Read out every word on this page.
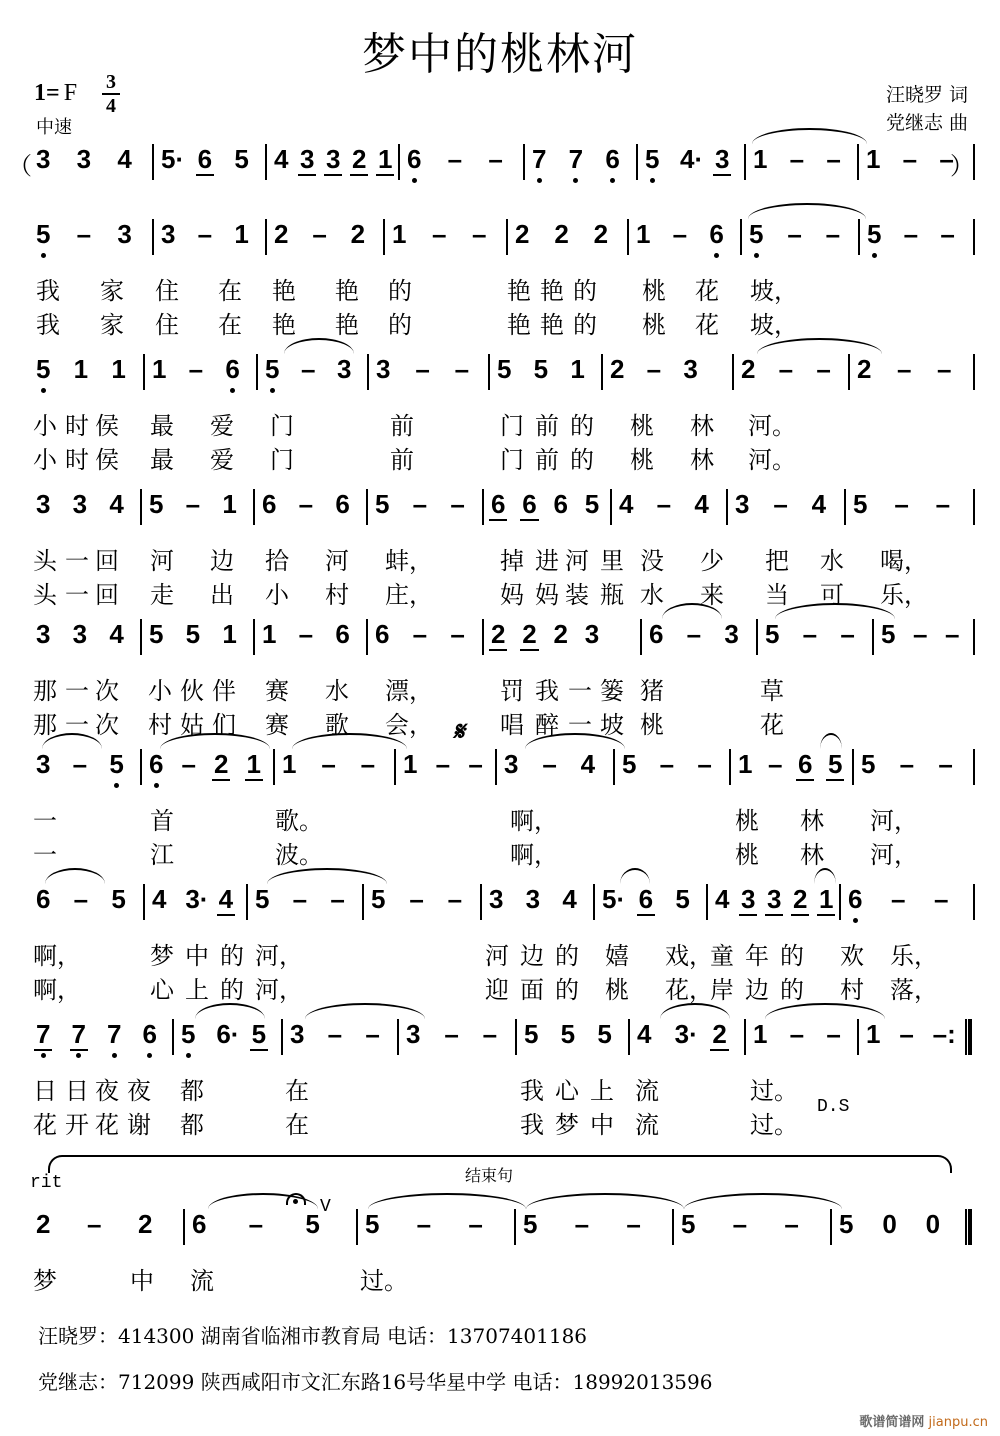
梦中的桃林河
1= F 3
4
中速
汪晓罗 词
党继志 曲
3 3 4 5· 6 5 4 3 3 2 1 6 – – 7 7 6 5 4· 3 1 – – 1 – –
（	）
5 – 3 3 – 1 2 – 2 1 – – 2 2 2 1 – 6 5 – – 5 – –
我 家 住 在 艳 艳 的	艳 艳 的 桃 花 坡，
我 家 住 在 艳 艳 的	艳 艳 的 桃 花 坡，
5 1 1 1 – 6 5 – 3 3 – – 5 5 1 2 – 3 2 – – 2 – –
小 时 侯 最 爱 门	前	门 前 的 桃 林 河。
小 时 侯 最 爱 门	前	门 前 的 桃 林 河。
3 3 4 5 – 1 6 – 6 5 – – 6 6 6 5 4 – 4 3 – 4 5 – –
头 一 回 河 边 拾 河 蚌，	掉 进 河 里 没 少 把 水 喝，
头 一 回 走 出 小 村 庄，	妈 妈 装 瓶 水 来 当 可 乐，
3 3 4 5 5 1 1 – 6 6 – – 2 2 2 3 6 – 3 5 – – 5 – –
那 一 次 小 伙 伴 赛 水 漂，	罚 我 一 篓 猪	草
那 一 次 村 姑 们 赛 歌 会，	唱 醉 一 坡 桃	花
3 – 5 6 – 2 1 1 – – 1 – – 3 – 4 5 – – 1 – 6 5 5 – –
𝄋
一	首	歌。	啊，	桃 林 河，
一	江	波。	啊，	桃 林 河，
6 – 5 4 3· 4 5 – – 5 – – 3 3 4 5· 6 5 4 3 3 2 1 6 – –
啊，	梦 中 的 河，	河 边 的 嬉 戏，
童 年 的 欢 乐，
啊，	心 上 的 河，	迎 面 的 桃 花，
岸 边 的 村 落，
7 7 7 6 5 6· 5 3 – – 3 – – 5 5 5 4 3· 2 1 – – 1 – –:
D.S
日 日 夜 夜 都	在	我 心 上 流	过。
花 开 花 谢 都	在	我 梦 中 流	过。
2 – 2 6 – 5 5 – – 5 – – 5 – – 5 0 0
V
rit	结束句
梦	中 流	过。
汪晓罗：414300 湖南省临湘市教育局 电话：13707401186
党继志：712099 陕西咸阳市文汇东路16号华星中学 电话：18992013596
歌谱简谱网 jianpu.cn
